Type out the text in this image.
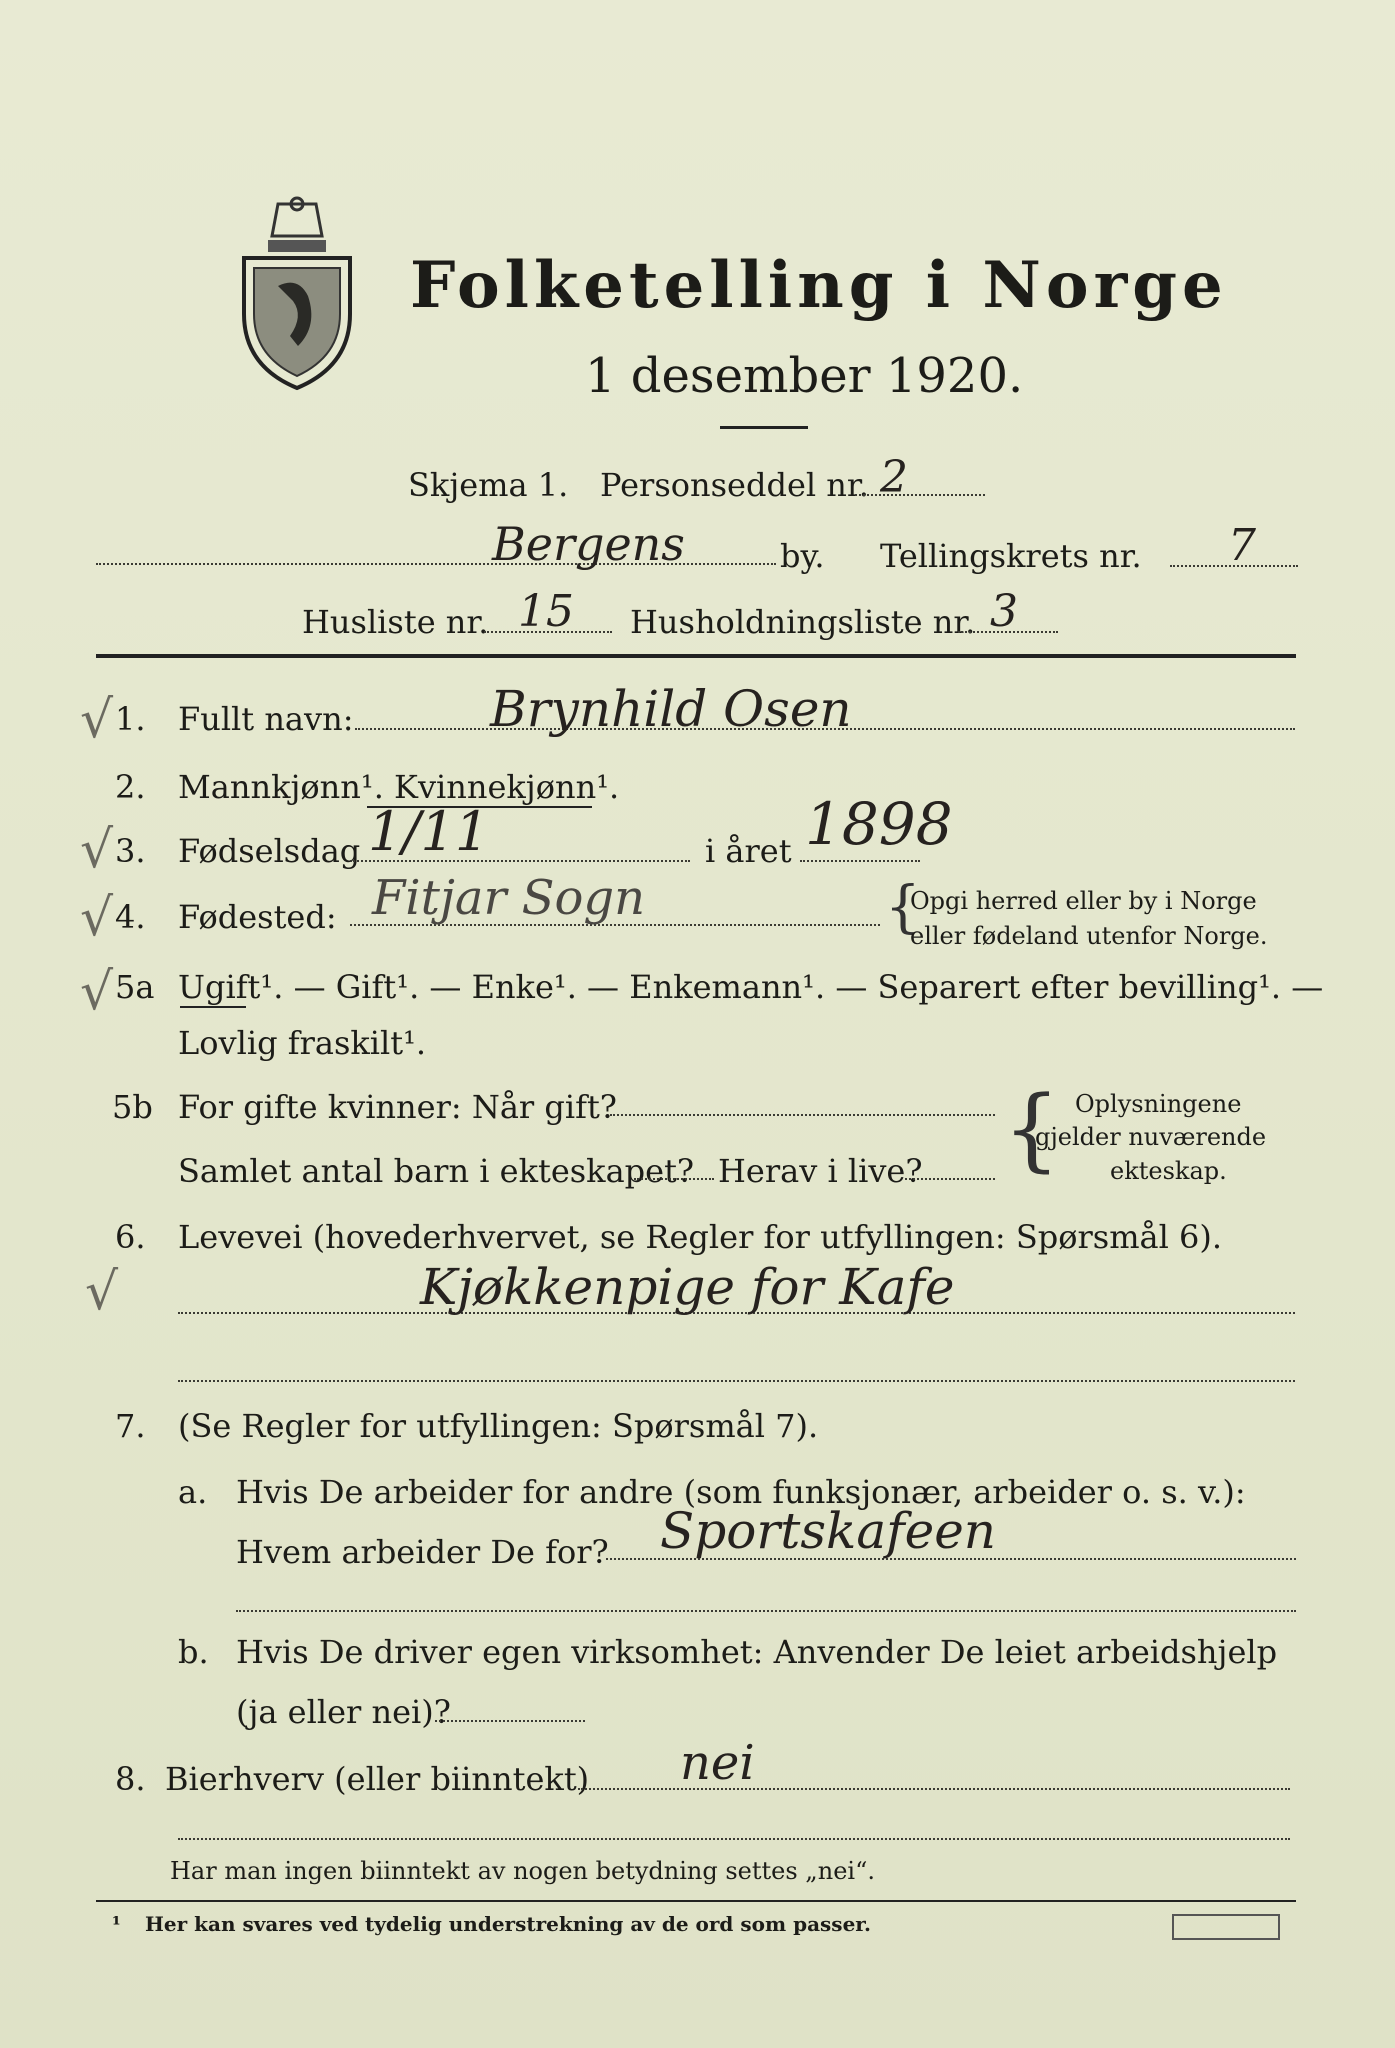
Folketelling i Norge
1 desember 1920.
Skjema 1. Personseddel nr. 2
Bergens	by. Tellingskrets nr. 7
Husliste nr. 15 Husholdningsliste nr. 3
√ 1. Fullt navn:	Brynhild Osen
2. Mannkjønn¹. Kvinnekjønn¹.
√ 3. Fødselsdag 1/11	i året 1898
√ 4. Fødested: Fitjar Sogn	{
Opgi herred eller by i Norge
eller fødeland utenfor Norge.
√ 5a Ugift¹. — Gift¹. — Enke¹. — Enkemann¹. — Separert efter bevilling¹. —
Lovlig fraskilt¹.
5b For gifte kvinner: Når gift?
Samlet antal barn i ekteskapet? Herav i live? { Oplysningene
gjelder nuværende
ekteskap.
6. Levevei (hovederhvervet, se Regler for utfyllingen: Spørsmål 6).
√	Kjøkkenpige for Kafe
7. (Se Regler for utfyllingen: Spørsmål 7).
a. Hvis De arbeider for andre (som funksjonær, arbeider o. s. v.):
Hvem arbeider De for? Sportskafeen
b. Hvis De driver egen virksomhet: Anvender De leiet arbeidshjelp
(ja eller nei)?
8. Bierhverv (eller biinntekt) nei
Har man ingen biinntekt av nogen betydning settes „nei“.
¹ Her kan svares ved tydelig understrekning av de ord som passer.
